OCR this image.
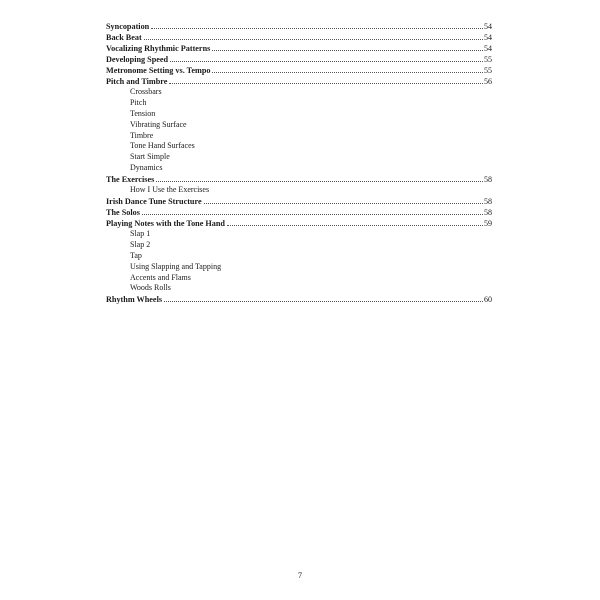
Syncopation	54
Back Beat	54
Vocalizing Rhythmic Patterns	54
Developing Speed	55
Metronome Setting vs. Tempo	55
Pitch and Timbre	56
Crossbars
Pitch
Tension
Vibrating Surface
Timbre
Tone Hand Surfaces
Start Simple
Dynamics
The Exercises	58
How I Use the Exercises
Irish Dance Tune Structure	58
The Solos	58
Playing Notes with the Tone Hand	59
Slap 1
Slap 2
Tap
Using Slapping and Tapping
Accents and Flams
Woods Rolls
Rhythm Wheels	60
7
